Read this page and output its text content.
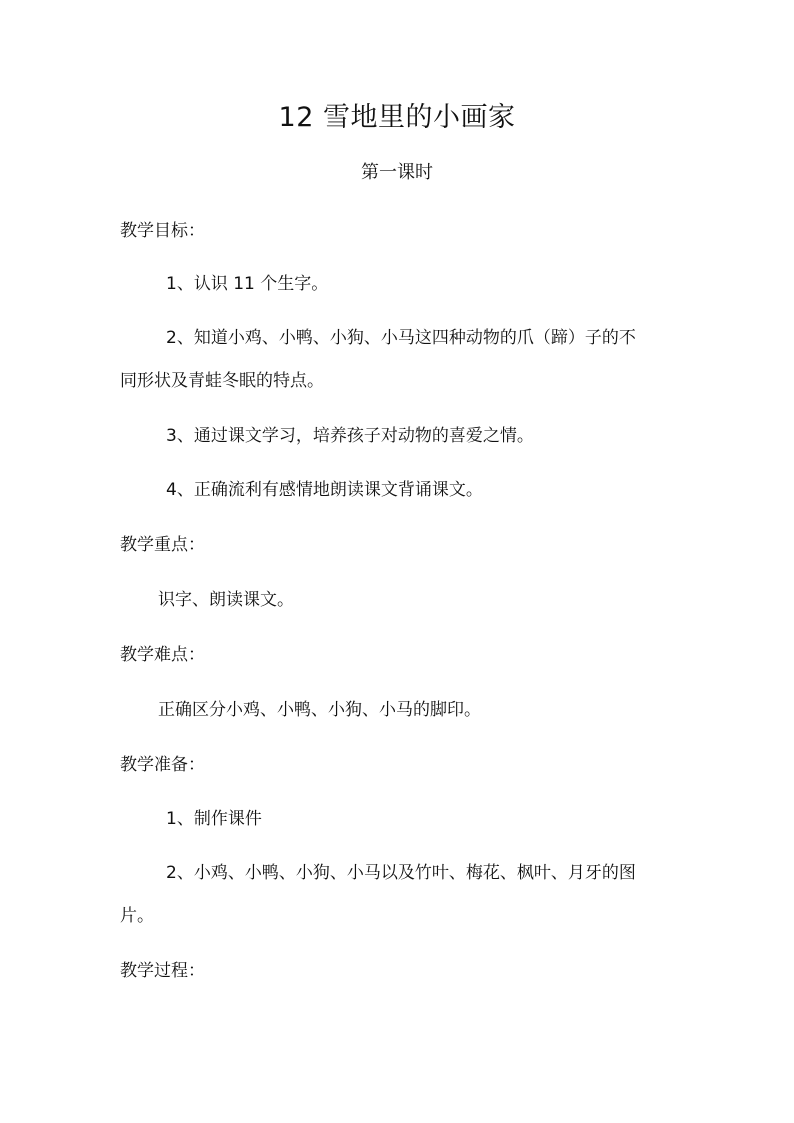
12 雪地里的小画家
第一课时
教学目标：
1、认识 11 个生字。
2、知道小鸡、小鸭、小狗、小马这四种动物的爪（蹄）子的不
同形状及青蛙冬眠的特点。
3、通过课文学习，培养孩子对动物的喜爱之情。
4、正确流利有感情地朗读课文背诵课文。
教学重点：
识字、朗读课文。
教学难点：
正确区分小鸡、小鸭、小狗、小马的脚印。
教学准备：
1、制作课件
2、小鸡、小鸭、小狗、小马以及竹叶、梅花、枫叶、月牙的图
片。
教学过程：
